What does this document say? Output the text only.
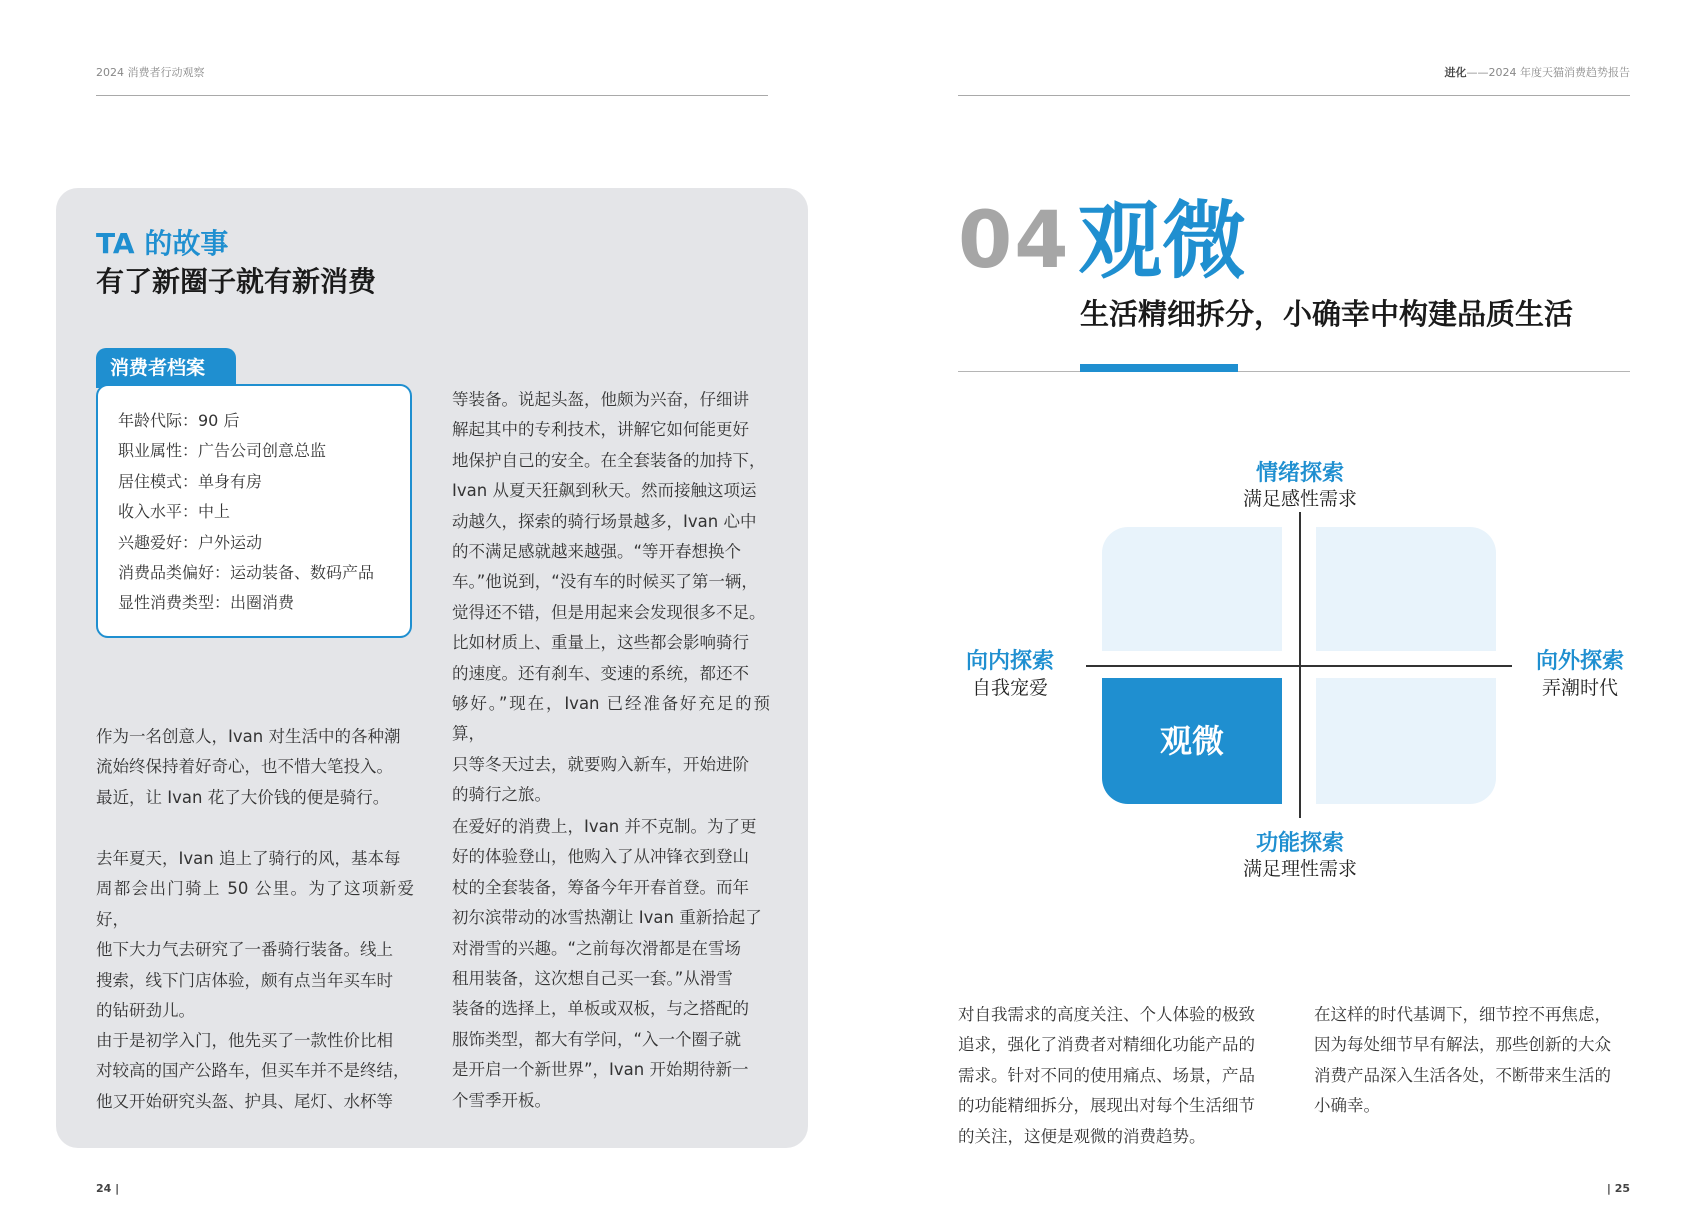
2024 消费者行动观察	进化——2024 年度天猫消费趋势报告
TA 的故事
有了新圈子就有新消费
消费者档案
年龄代际：90 后
职业属性：广告公司创意总监
居住模式：单身有房
收入水平：中上
兴趣爱好：户外运动
消费品类偏好：运动装备、数码产品
显性消费类型：出圈消费

作为一名创意人，Ivan 对生活中的各种潮

流始终保持着好奇心，也不惜大笔投入。

最近，让 Ivan 花了大价钱的便是骑行。

去年夏天，Ivan 追上了骑行的风，基本每

周都会出门骑上 50 公里。为了这项新爱好，

他下大力气去研究了一番骑行装备。线上

搜索，线下门店体验，颇有点当年买车时

的钻研劲儿。

由于是初学入门，他先买了一款性价比相

对较高的国产公路车，但买车并不是终结，

他又开始研究头盔、护具、尾灯、水杯等

等装备。说起头盔，他颇为兴奋，仔细讲

解起其中的专利技术，讲解它如何能更好

地保护自己的安全。在全套装备的加持下，

Ivan 从夏天狂飙到秋天。然而接触这项运

动越久，探索的骑行场景越多，Ivan 心中

的不满足感就越来越强。“等开春想换个

车。”他说到，“没有车的时候买了第一辆，

觉得还不错，但是用起来会发现很多不足。

比如材质上、重量上，这些都会影响骑行

的速度。还有刹车、变速的系统，都还不

够好。”现在，Ivan 已经准备好充足的预算，

只等冬天过去，就要购入新车，开始进阶

的骑行之旅。

在爱好的消费上，Ivan 并不克制。为了更

好的体验登山，他购入了从冲锋衣到登山

杖的全套装备，筹备今年开春首登。而年

初尔滨带动的冰雪热潮让 Ivan 重新拾起了

对滑雪的兴趣。“之前每次滑都是在雪场

租用装备，这次想自己买一套。”从滑雪

装备的选择上，单板或双板，与之搭配的

服饰类型，都大有学问，“入一个圈子就

是开启一个新世界”，Ivan 开始期待新一

个雪季开板。

24 |
04 观微
生活精细拆分，小确幸中构建品质生活
观微
情绪探索
满足感性需求
向内探索
自我宠爱
向外探索
弄潮时代
功能探索
满足理性需求

对自我需求的高度关注、个人体验的极致

追求，强化了消费者对精细化功能产品的

需求。针对不同的使用痛点、场景，产品

的功能精细拆分，展现出对每个生活细节

的关注，这便是观微的消费趋势。

在这样的时代基调下，细节控不再焦虑，

因为每处细节早有解法，那些创新的大众

消费产品深入生活各处，不断带来生活的

小确幸。

| 25
